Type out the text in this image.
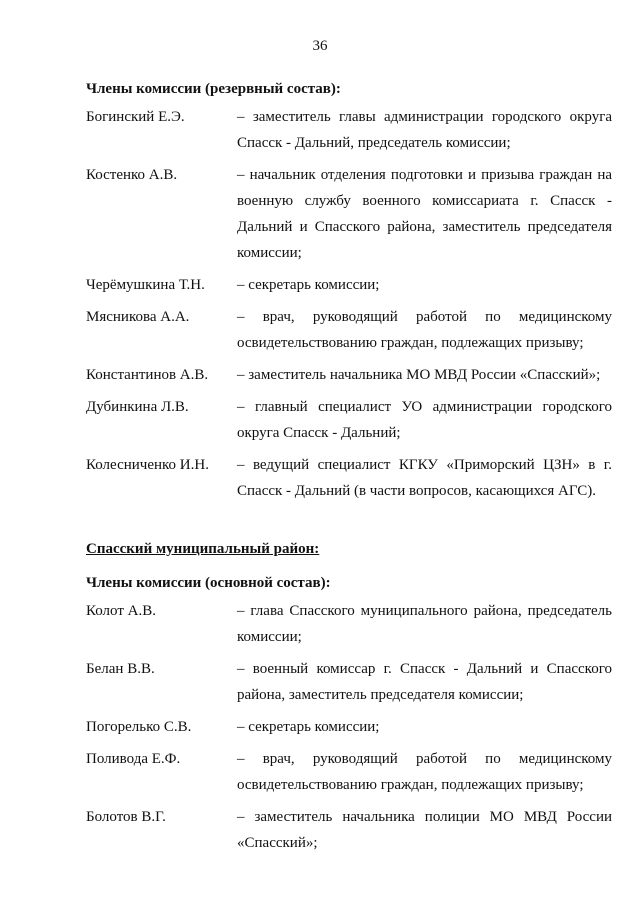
36
Члены комиссии (резервный состав):
Богинский Е.Э.	– заместитель главы администрации городского округа Спасск - Дальний, председатель комиссии;
Костенко А.В.	– начальник отделения подготовки и призыва граждан на военную службу военного комиссариата г. Спасск - Дальний и Спасского района, заместитель председателя комиссии;
Черёмушкина Т.Н.	– секретарь комиссии;
Мясникова А.А.	– врач, руководящий работой по медицинскому освидетельствованию граждан, подлежащих призыву;
Константинов А.В.	– заместитель начальника МО МВД России «Спасский»;
Дубинкина Л.В.	– главный специалист УО администрации городского округа Спасск - Дальний;
Колесниченко И.Н.	– ведущий специалист КГКУ «Приморский ЦЗН» в г. Спасск - Дальний (в части вопросов, касающихся АГС).
Спасский муниципальный район:
Члены комиссии (основной состав):
Колот А.В.	– глава Спасского муниципального района, председатель комиссии;
Белан В.В.	– военный комиссар г. Спасск - Дальний и Спасского района, заместитель председателя комиссии;
Погорелько С.В.	– секретарь комиссии;
Поливода Е.Ф.	– врач, руководящий работой по медицинскому освидетельствованию граждан, подлежащих призыву;
Болотов В.Г.	– заместитель начальника полиции МО МВД России «Спасский»;
